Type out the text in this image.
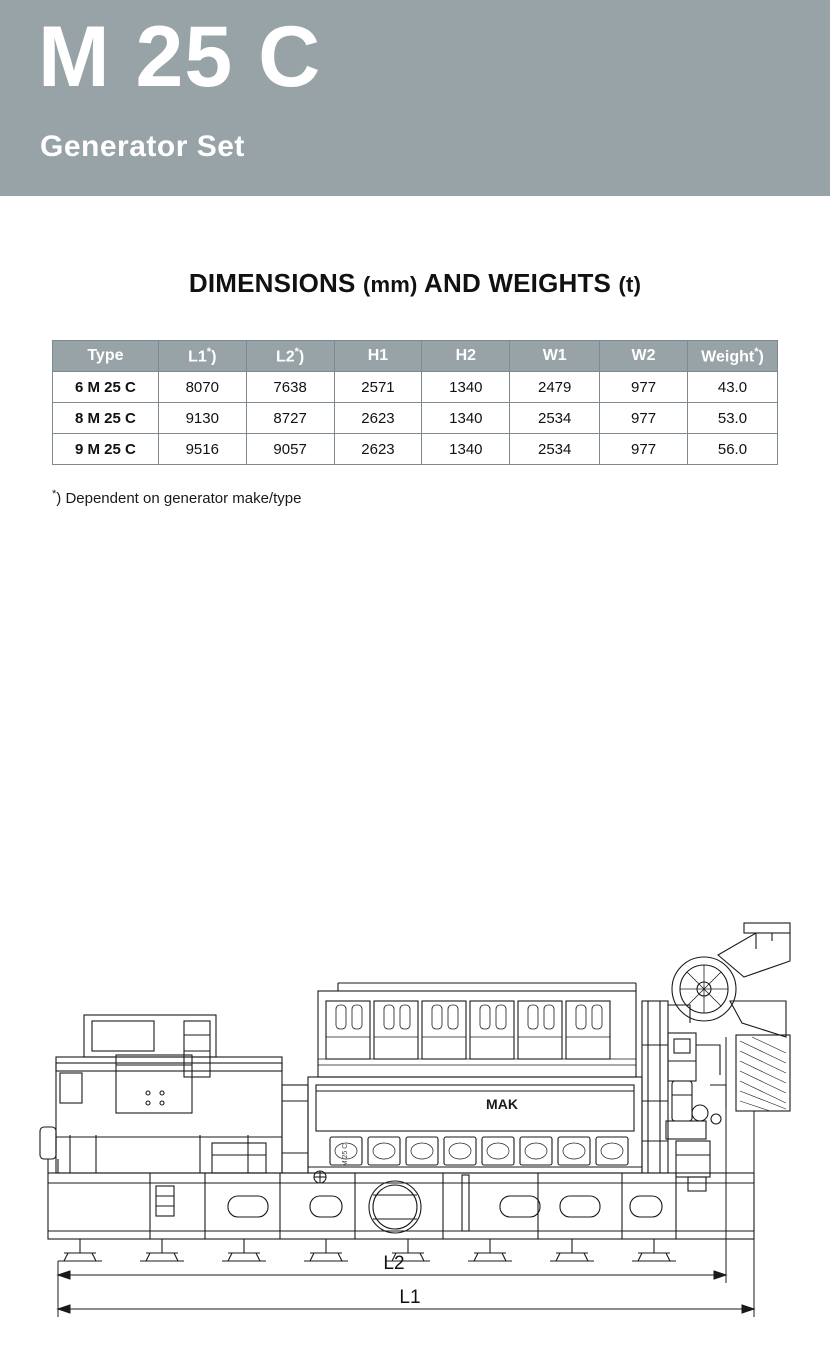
M 25 C
Generator Set
DIMENSIONS (mm) AND WEIGHTS (t)
Type	L1*)	L2*)	H1	H2	W1	W2	Weight*)
6 M 25 C	8070	7638	2571	1340	2479	977	43.0
8 M 25 C	9130	8727	2623	1340	2534	977	53.0
9 M 25 C	9516	9057	2623	1340	2534	977	56.0
*) Dependent on generator make/type
MAK
M 25 C
L2
L1
